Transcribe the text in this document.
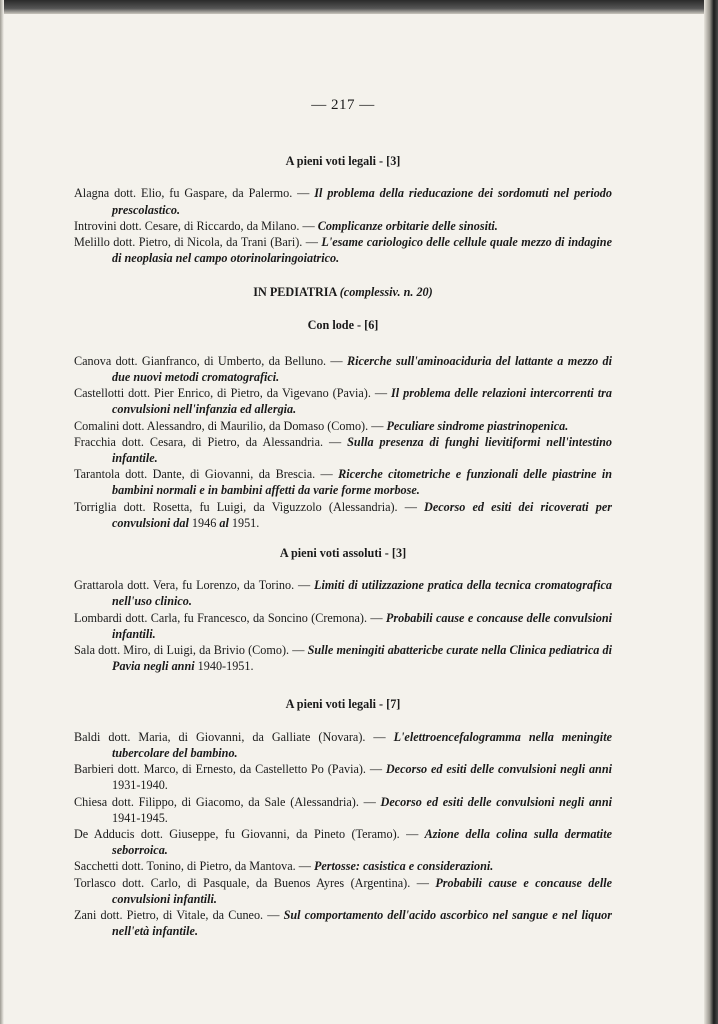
— 217 —

A pieni voti legali - [3]

Alagna dott. Elio, fu Gaspare, da Palermo. — Il problema della rieducazione dei sordomuti nel periodo prescolastico.

Introvini dott. Cesare, di Riccardo, da Milano. — Complicanze orbitarie delle sinositi.

Melillo dott. Pietro, di Nicola, da Trani (Bari). — L'esame cariologico delle cellule quale mezzo di indagine di neoplasia nel campo otorinolaringoiatrico.

IN PEDIATRIA (complessiv. n. 20)

Con lode - [6]

Canova dott. Gianfranco, di Umberto, da Belluno. — Ricerche sull'aminoaciduria del lattante a mezzo di due nuovi metodi cromatografici.

Castellotti dott. Pier Enrico, di Pietro, da Vigevano (Pavia). — Il problema delle relazioni intercorrenti tra convulsioni nell'infanzia ed allergia.

Comalini dott. Alessandro, di Maurilio, da Domaso (Como). — Peculiare sindrome piastrinopenica.

Fracchia dott. Cesara, di Pietro, da Alessandria. — Sulla presenza di funghi lievitiformi nell'intestino infantile.

Tarantola dott. Dante, di Giovanni, da Brescia. — Ricerche citometriche e funzionali delle piastrine in bambini normali e in bambini affetti da varie forme morbose.

Torriglia dott. Rosetta, fu Luigi, da Viguzzolo (Alessandria). — Decorso ed esiti dei ricoverati per convulsioni dal 1946 al 1951.

A pieni voti assoluti - [3]

Grattarola dott. Vera, fu Lorenzo, da Torino. — Limiti di utilizzazione pratica della tecnica cromatografica nell'uso clinico.

Lombardi dott. Carla, fu Francesco, da Soncino (Cremona). — Probabili cause e concause delle convulsioni infantili.

Sala dott. Miro, di Luigi, da Brivio (Como). — Sulle meningiti abattericbe curate nella Clinica pediatrica di Pavia negli anni 1940-1951.

A pieni voti legali - [7]

Baldi dott. Maria, di Giovanni, da Galliate (Novara). — L'elettroencefalogramma nella meningite tubercolare del bambino.

Barbieri dott. Marco, di Ernesto, da Castelletto Po (Pavia). — Decorso ed esiti delle convulsioni negli anni 1931-1940.

Chiesa dott. Filippo, di Giacomo, da Sale (Alessandria). — Decorso ed esiti delle convulsioni negli anni 1941-1945.

De Adducis dott. Giuseppe, fu Giovanni, da Pineto (Teramo). — Azione della colina sulla dermatite seborroica.

Sacchetti dott. Tonino, di Pietro, da Mantova. — Pertosse: casistica e considerazioni.

Torlasco dott. Carlo, di Pasquale, da Buenos Ayres (Argentina). — Probabili cause e concause delle convulsioni infantili.

Zani dott. Pietro, di Vitale, da Cuneo. — Sul comportamento dell'acido ascorbico nel sangue e nel liquor nell'età infantile.
